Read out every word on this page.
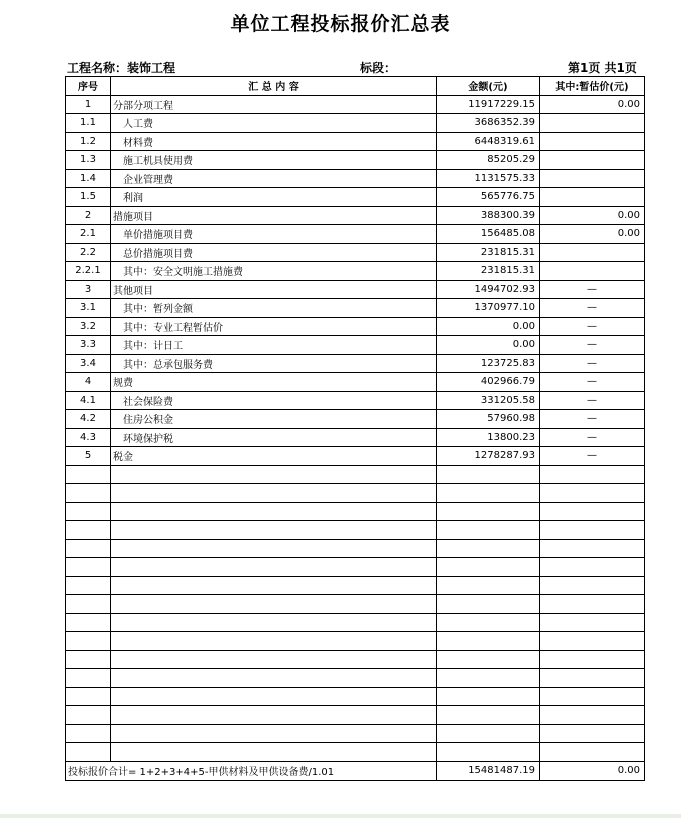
单位工程投标报价汇总表
工程名称：装饰工程	标段：	第1页 共1页
序号	汇 总 内 容	金额(元)	其中:暂估价(元)
1	分部分项工程	11917229.15	0.00
1.1	人工费	3686352.39	
1.2	材料费	6448319.61	
1.3	施工机具使用费	85205.29	
1.4	企业管理费	1131575.33	
1.5	利润	565776.75	
2	措施项目	388300.39	0.00
2.1	单价措施项目费	156485.08	0.00
2.2	总价措施项目费	231815.31	
2.2.1	其中：安全文明施工措施费	231815.31	
3	其他项目	1494702.93	—
3.1	其中：暂列金额	1370977.10	—
3.2	其中：专业工程暂估价	0.00	—
3.3	其中：计日工	0.00	—
3.4	其中：总承包服务费	123725.83	—
4	规费	402966.79	—
4.1	社会保险费	331205.58	—
4.2	住房公积金	57960.98	—
4.3	环境保护税	13800.23	—
5	税金	1278287.93	—

投标报价合计= 1+2+3+4+5-甲供材料及甲供设备费/1.01		15481487.19	0.00
